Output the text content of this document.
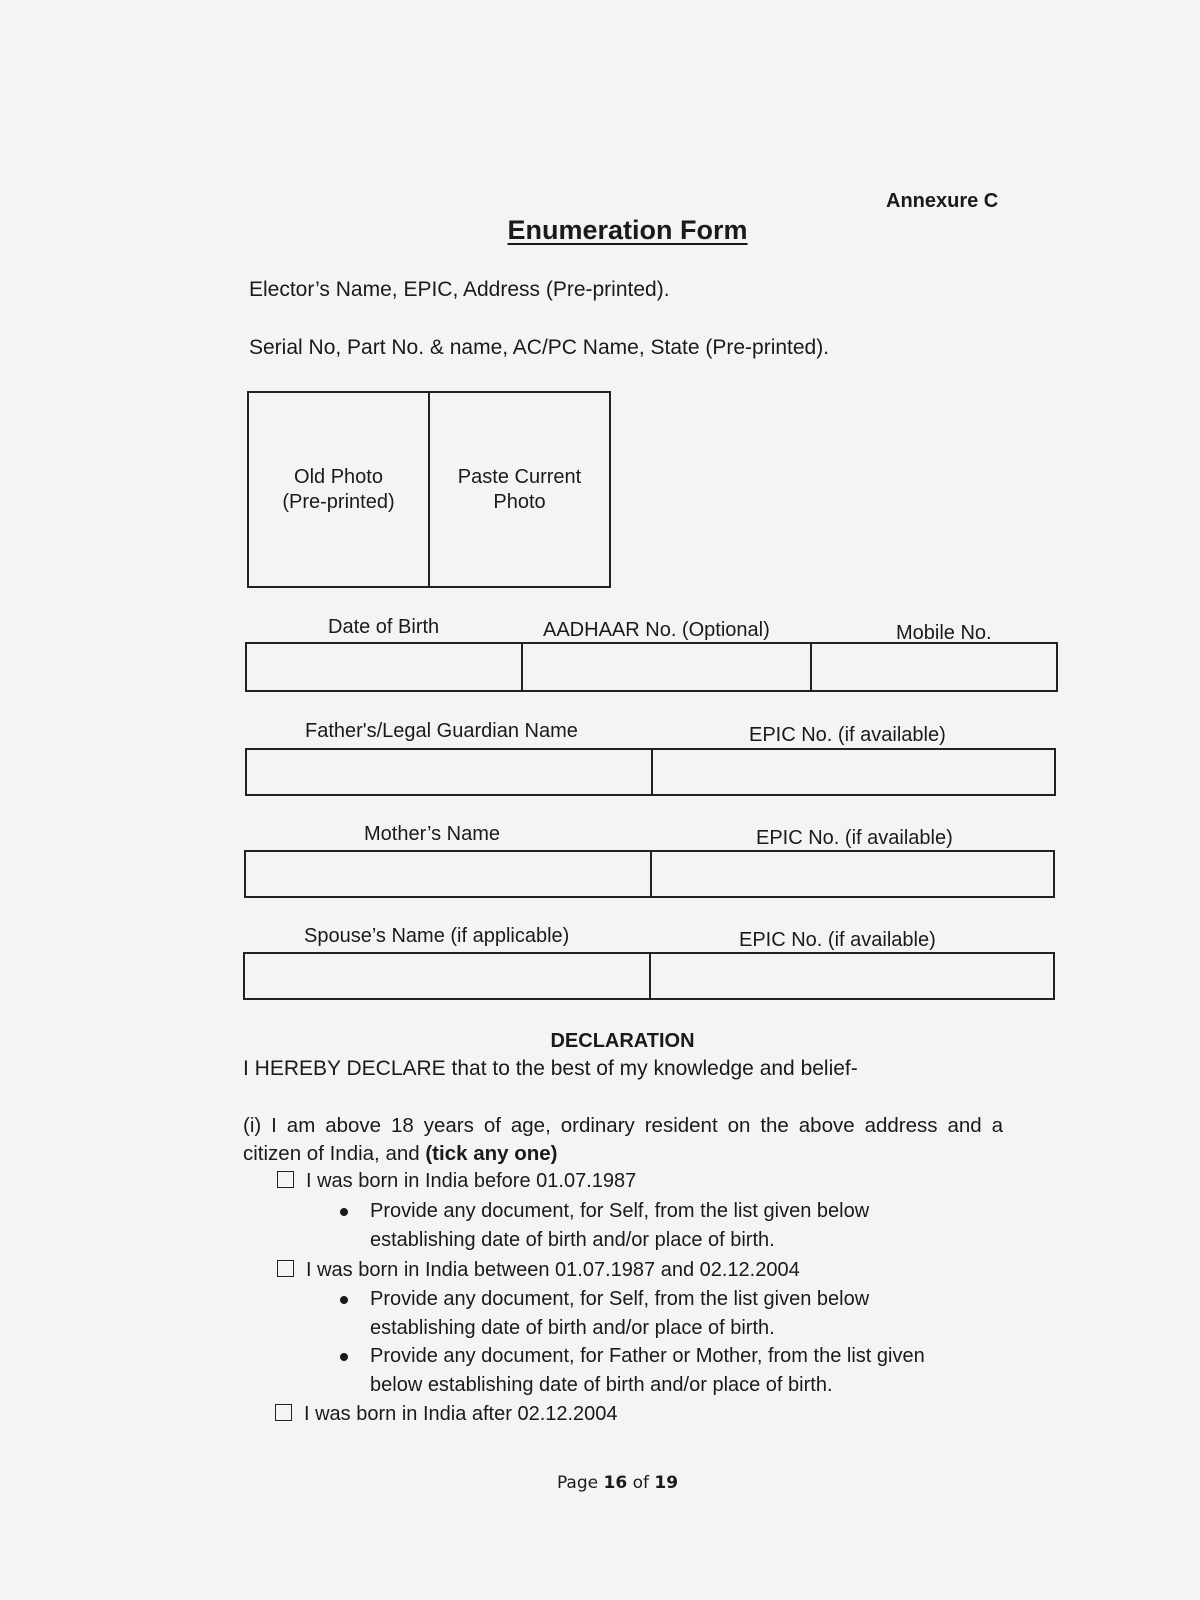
Annexure C
Enumeration Form
Elector’s Name, EPIC, Address (Pre-printed).
Serial No, Part No. & name, AC/PC Name, State (Pre-printed).
Old Photo
(Pre-printed)
Paste Current
Photo
Date of Birth	AADHAAR No. (Optional)	Mobile No.
Father's/Legal Guardian Name	EPIC No. (if available)
Mother’s Name	EPIC No. (if available)
Spouse’s Name (if applicable)	EPIC No. (if available)
DECLARATION
I HEREBY DECLARE that to the best of my knowledge and belief-
(i) I am above 18 years of age, ordinary resident on the above address and a citizen of India, and (tick any one)
I was born in India before 01.07.1987
Provide any document, for Self, from the list given below establishing date of birth and/or place of birth.
I was born in India between 01.07.1987 and 02.12.2004
Provide any document, for Self, from the list given below establishing date of birth and/or place of birth.
Provide any document, for Father or Mother, from the list given below establishing date of birth and/or place of birth.
I was born in India after 02.12.2004
Page 16 of 19
